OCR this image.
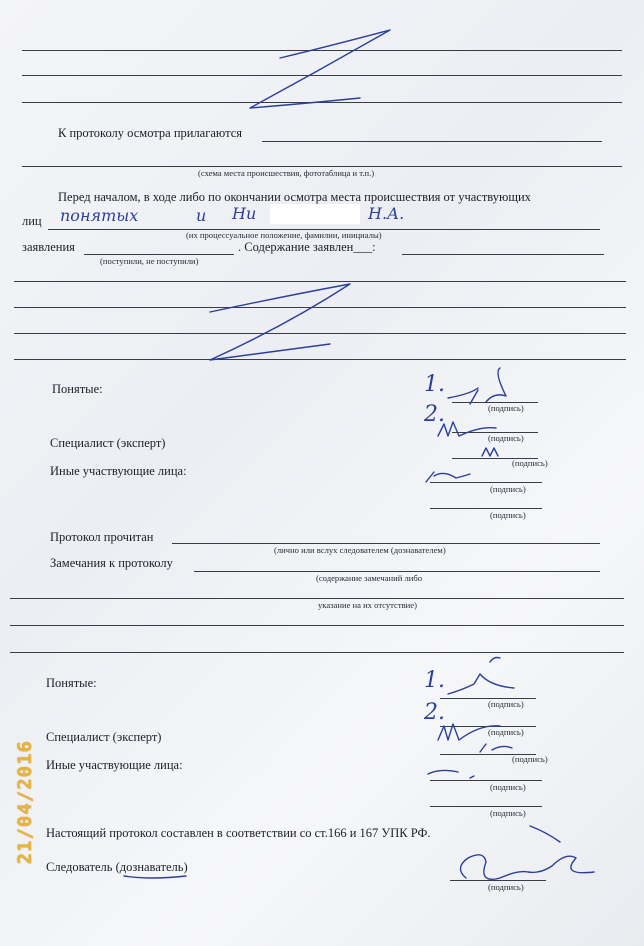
К протоколу осмотра прилагаются
(схема места происшествия, фототаблица и т.п.)
Перед началом, в ходе либо по окончании осмотра места происшествия от участвующих
лиц понятых	и Ни	Н.А.
(их процессуальное положение, фамилии, инициалы)
заявления	. Содержание заявлен___:
(поступили, не поступили)
Понятые:	1.
(подпись)
2.
(подпись)
Специалист (эксперт)
(подпись)
Иные участвующие лица:
(подпись)
(подпись)
Протокол прочитан
(лично или вслух следователем (дознавателем)
Замечания к протоколу
(содержание замечаний либо
указание на их отсутствие)
Понятые:	1.
(подпись)
2.
(подпись)
Специалист (эксперт)
(подпись)
Иные участвующие лица:
(подпись)
(подпись)
Настоящий протокол составлен в соответствии со ст.166 и 167 УПК РФ.
Следователь (дознаватель)
(подпись)
21/04/2016
